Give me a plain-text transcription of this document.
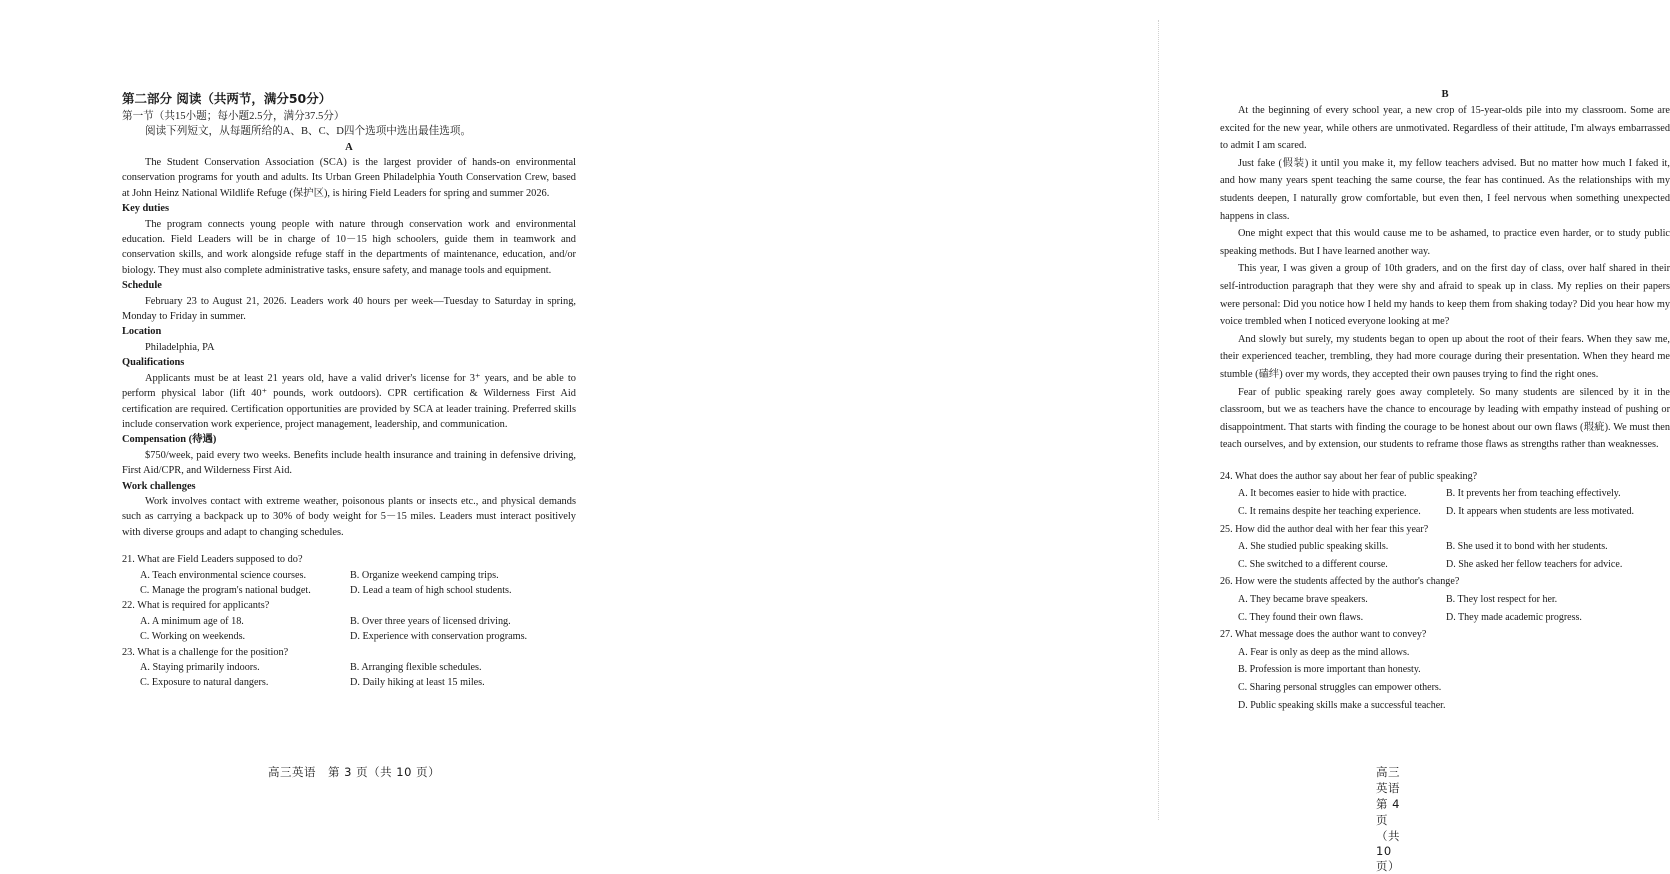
第二部分 阅读（共两节，满分50分）
第一节（共15小题；每小题2.5分，满分37.5分）
阅读下列短文，从每题所给的A、B、C、D四个选项中选出最佳选项。
A

The Student Conservation Association (SCA) is the largest provider of hands-on environmental conservation programs for youth and adults. Its Urban Green Philadelphia Youth Conservation Crew, based at John Heinz National Wildlife Refuge (保护区), is hiring Field Leaders for spring and summer 2026.

Key duties

The program connects young people with nature through conservation work and environmental education. Field Leaders will be in charge of 10－15 high schoolers, guide them in teamwork and conservation skills, and work alongside refuge staff in the departments of maintenance, education, and/or biology. They must also complete administrative tasks, ensure safety, and manage tools and equipment.

Schedule

February 23 to August 21, 2026. Leaders work 40 hours per week—Tuesday to Saturday in spring, Monday to Friday in summer.

Location

Philadelphia, PA

Qualifications

Applicants must be at least 21 years old, have a valid driver's license for 3⁺ years, and be able to perform physical labor (lift 40⁺ pounds, work outdoors). CPR certification & Wilderness First Aid certification are required. Certification opportunities are provided by SCA at leader training. Preferred skills include conservation work experience, project management, leadership, and communication.

Compensation (待遇)

$750/week, paid every two weeks. Benefits include health insurance and training in defensive driving, First Aid/CPR, and Wilderness First Aid.

Work challenges

Work involves contact with extreme weather, poisonous plants or insects etc., and physical demands such as carrying a backpack up to 30% of body weight for 5－15 miles. Leaders must interact positively with diverse groups and adapt to changing schedules.

21. What are Field Leaders supposed to do?
A. Teach environmental science courses.	B. Organize weekend camping trips.
C. Manage the program's national budget.	D. Lead a team of high school students.
22. What is required for applicants?
A. A minimum age of 18.	B. Over three years of licensed driving.
C. Working on weekends.	D. Experience with conservation programs.
23. What is a challenge for the position?
A. Staying primarily indoors.	B. Arranging flexible schedules.
C. Exposure to natural dangers.	D. Daily hiking at least 15 miles.
高三英语　第 3 页（共 10 页）
B

At the beginning of every school year, a new crop of 15-year-olds pile into my classroom. Some are excited for the new year, while others are unmotivated. Regardless of their attitude, I'm always embarrassed to admit I am scared.

Just fake (假装) it until you make it, my fellow teachers advised. But no matter how much I faked it, and how many years spent teaching the same course, the fear has continued. As the relationships with my students deepen, I naturally grow comfortable, but even then, I feel nervous when something unexpected happens in class.

One might expect that this would cause me to be ashamed, to practice even harder, or to study public speaking methods. But I have learned another way.

This year, I was given a group of 10th graders, and on the first day of class, over half shared in their self-introduction paragraph that they were shy and afraid to speak up in class. My replies on their papers were personal: Did you notice how I held my hands to keep them from shaking today? Did you hear how my voice trembled when I noticed everyone looking at me?

And slowly but surely, my students began to open up about the root of their fears. When they saw me, their experienced teacher, trembling, they had more courage during their presentation. When they heard me stumble (磕绊) over my words, they accepted their own pauses trying to find the right ones.

Fear of public speaking rarely goes away completely. So many students are silenced by it in the classroom, but we as teachers have the chance to encourage by leading with empathy instead of pushing or disappointment. That starts with finding the courage to be honest about our own flaws (瑕疵). We must then teach ourselves, and by extension, our students to reframe those flaws as strengths rather than weaknesses.

24. What does the author say about her fear of public speaking?
A. It becomes easier to hide with practice.	B. It prevents her from teaching effectively.
C. It remains despite her teaching experience.	D. It appears when students are less motivated.
25. How did the author deal with her fear this year?
A. She studied public speaking skills.	B. She used it to bond with her students.
C. She switched to a different course.	D. She asked her fellow teachers for advice.
26. How were the students affected by the author's change?
A. They became brave speakers.	B. They lost respect for her.
C. They found their own flaws.	D. They made academic progress.
27. What message does the author want to convey?
A. Fear is only as deep as the mind allows.
B. Profession is more important than honesty.
C. Sharing personal struggles can empower others.
D. Public speaking skills make a successful teacher.
高三英语　第 4 页（共 10 页）
